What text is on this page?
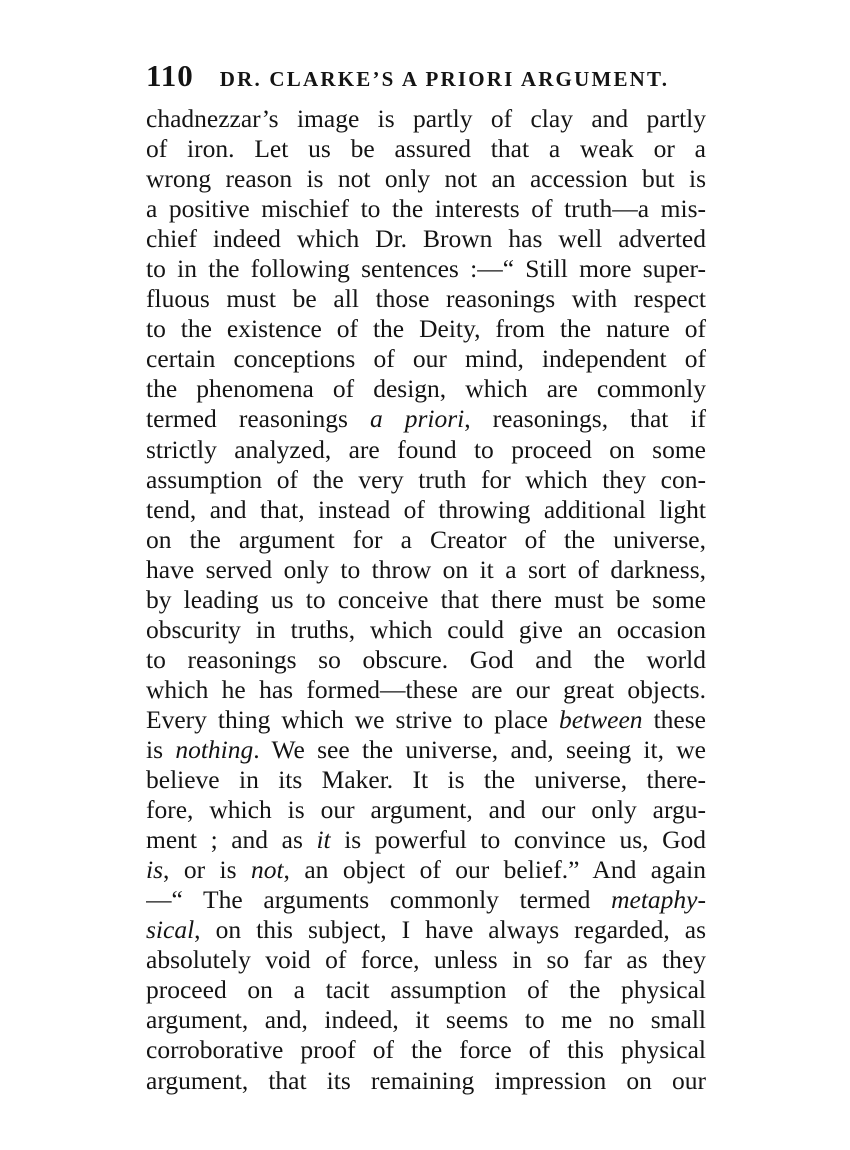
110 DR. CLARKE’S A PRIORI ARGUMENT.
chadnezzar’s image is partly of clay and partly
of iron. Let us be assured that a weak or a
wrong reason is not only not an accession but is
a positive mischief to the interests of truth—a mis-
chief indeed which Dr. Brown has well adverted
to in the following sentences :—“ Still more super-
fluous must be all those reasonings with respect
to the existence of the Deity, from the nature of
certain conceptions of our mind, independent of
the phenomena of design, which are commonly
termed reasonings a priori, reasonings, that if
strictly analyzed, are found to proceed on some
assumption of the very truth for which they con-
tend, and that, instead of throwing additional light
on the argument for a Creator of the universe,
have served only to throw on it a sort of darkness,
by leading us to conceive that there must be some
obscurity in truths, which could give an occasion
to reasonings so obscure. God and the world
which he has formed—these are our great objects.
Every thing which we strive to place between these
is nothing. We see the universe, and, seeing it, we
believe in its Maker. It is the universe, there-
fore, which is our argument, and our only argu-
ment ; and as it is powerful to convince us, God
is, or is not, an object of our belief.” And again
—“ The arguments commonly termed metaphy-
sical, on this subject, I have always regarded, as
absolutely void of force, unless in so far as they
proceed on a tacit assumption of the physical
argument, and, indeed, it seems to me no small
corroborative proof of the force of this physical
argument, that its remaining impression on our
